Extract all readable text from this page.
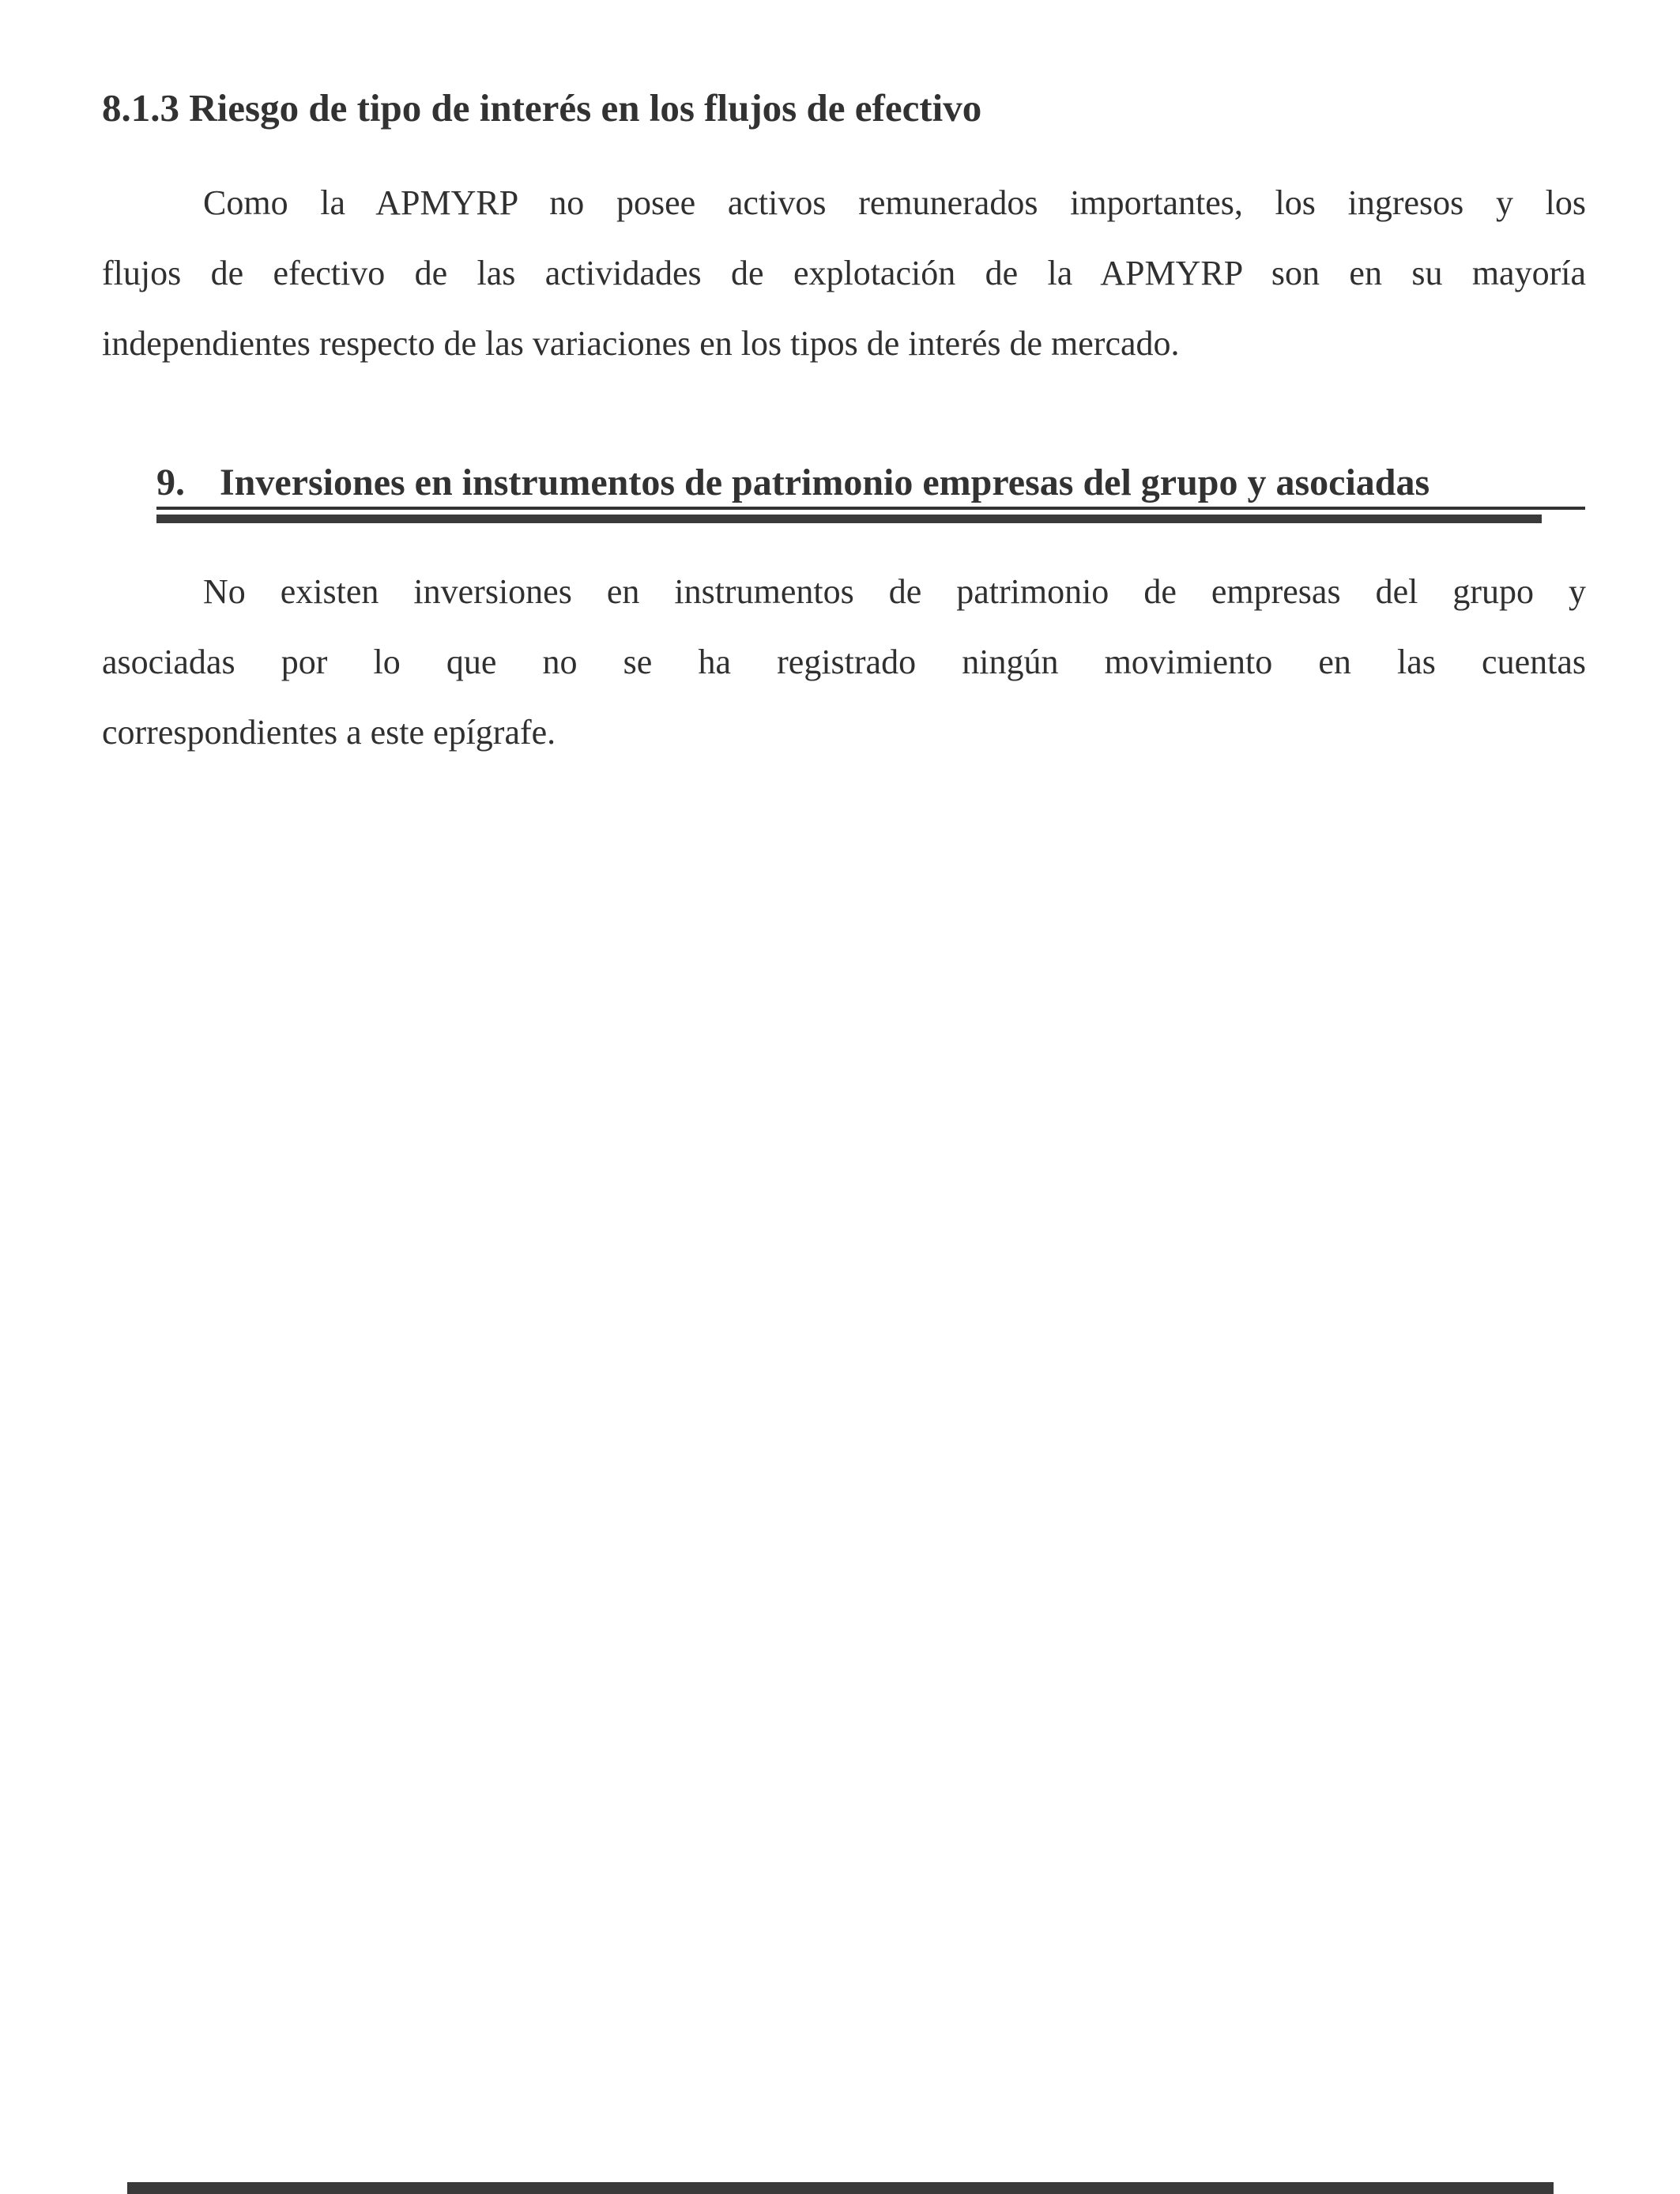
8.1.3 Riesgo de tipo de interés en los flujos de efectivo
Como la APMYRP no posee activos remunerados importantes, los ingresos y los
flujos de efectivo de las actividades de explotación de la APMYRP son en su mayoría
independientes respecto de las variaciones en los tipos de interés de mercado.
9. Inversiones en instrumentos de patrimonio empresas del grupo y asociadas
No existen inversiones en instrumentos de patrimonio de empresas del grupo y
asociadas por lo que no se ha registrado ningún movimiento en las cuentas
correspondientes a este epígrafe.
